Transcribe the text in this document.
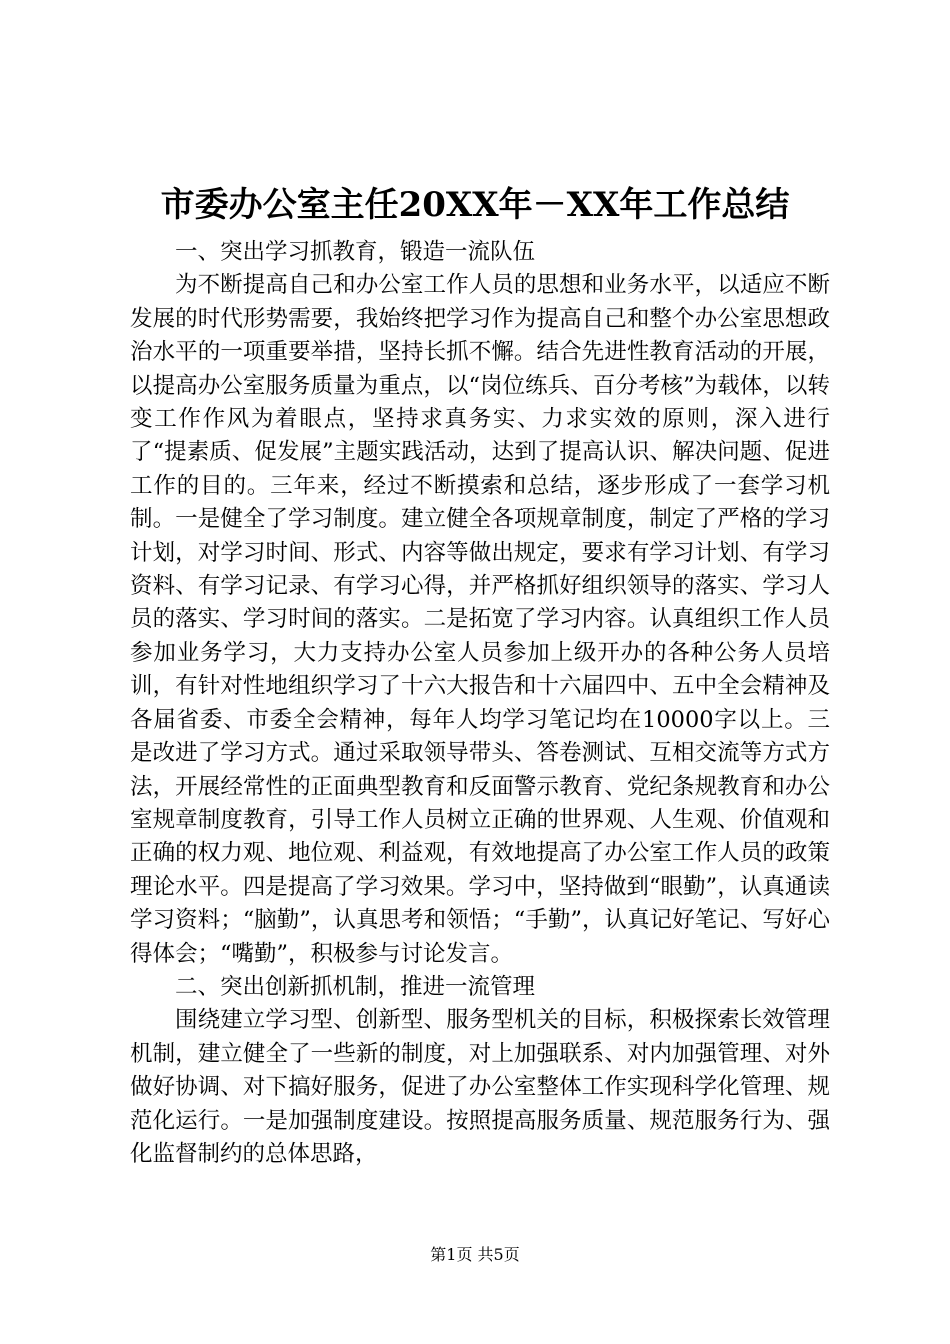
市委办公室主任20XX年－XX年工作总结

一、突出学习抓教育，锻造一流队伍

为不断提高自己和办公室工作人员的思想和业务水平，以适应不断发展的时代形势需要，我始终把学习作为提高自己和整个办公室思想政治水平的一项重要举措，坚持长抓不懈。结合先进性教育活动的开展，以提高办公室服务质量为重点，以“岗位练兵、百分考核”为载体，以转变工作作风为着眼点，坚持求真务实、力求实效的原则，深入进行了“提素质、促发展”主题实践活动，达到了提高认识、解决问题、促进工作的目的。三年来，经过不断摸索和总结，逐步形成了一套学习机制。一是健全了学习制度。建立健全各项规章制度，制定了严格的学习计划，对学习时间、形式、内容等做出规定，要求有学习计划、有学习资料、有学习记录、有学习心得，并严格抓好组织领导的落实、学习人员的落实、学习时间的落实。二是拓宽了学习内容。认真组织工作人员参加业务学习，大力支持办公室人员参加上级开办的各种公务人员培训，有针对性地组织学习了十六大报告和十六届四中、五中全会精神及各届省委、市委全会精神，每年人均学习笔记均在10000字以上。三是改进了学习方式。通过采取领导带头、答卷测试、互相交流等方式方法，开展经常性的正面典型教育和反面警示教育、党纪条规教育和办公室规章制度教育，引导工作人员树立正确的世界观、人生观、价值观和正确的权力观、地位观、利益观，有效地提高了办公室工作人员的政策理论水平。四是提高了学习效果。学习中，坚持做到“眼勤”，认真通读学习资料；“脑勤”，认真思考和领悟；“手勤”，认真记好笔记、写好心得体会；“嘴勤”，积极参与讨论发言。

二、突出创新抓机制，推进一流管理

围绕建立学习型、创新型、服务型机关的目标，积极探索长效管理机制，建立健全了一些新的制度，对上加强联系、对内加强管理、对外做好协调、对下搞好服务，促进了办公室整体工作实现科学化管理、规范化运行。一是加强制度建设。按照提高服务质量、规范服务行为、强化监督制约的总体思路，

第1页 共5页
